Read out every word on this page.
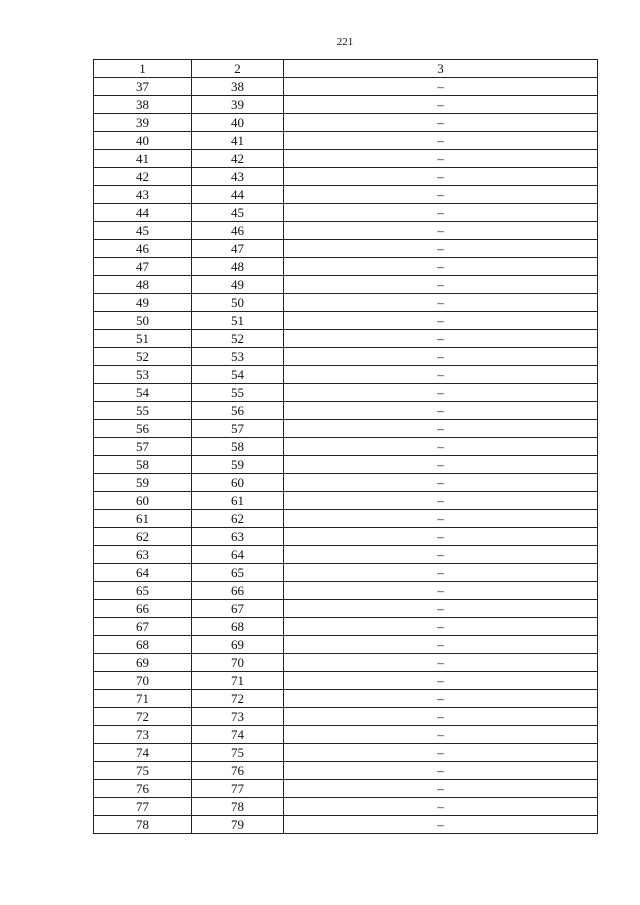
221
1	2	3
37	38	–
38	39	–
39	40	–
40	41	–
41	42	–
42	43	–
43	44	–
44	45	–
45	46	–
46	47	–
47	48	–
48	49	–
49	50	–
50	51	–
51	52	–
52	53	–
53	54	–
54	55	–
55	56	–
56	57	–
57	58	–
58	59	–
59	60	–
60	61	–
61	62	–
62	63	–
63	64	–
64	65	–
65	66	–
66	67	–
67	68	–
68	69	–
69	70	–
70	71	–
71	72	–
72	73	–
73	74	–
74	75	–
75	76	–
76	77	–
77	78	–
78	79	–
